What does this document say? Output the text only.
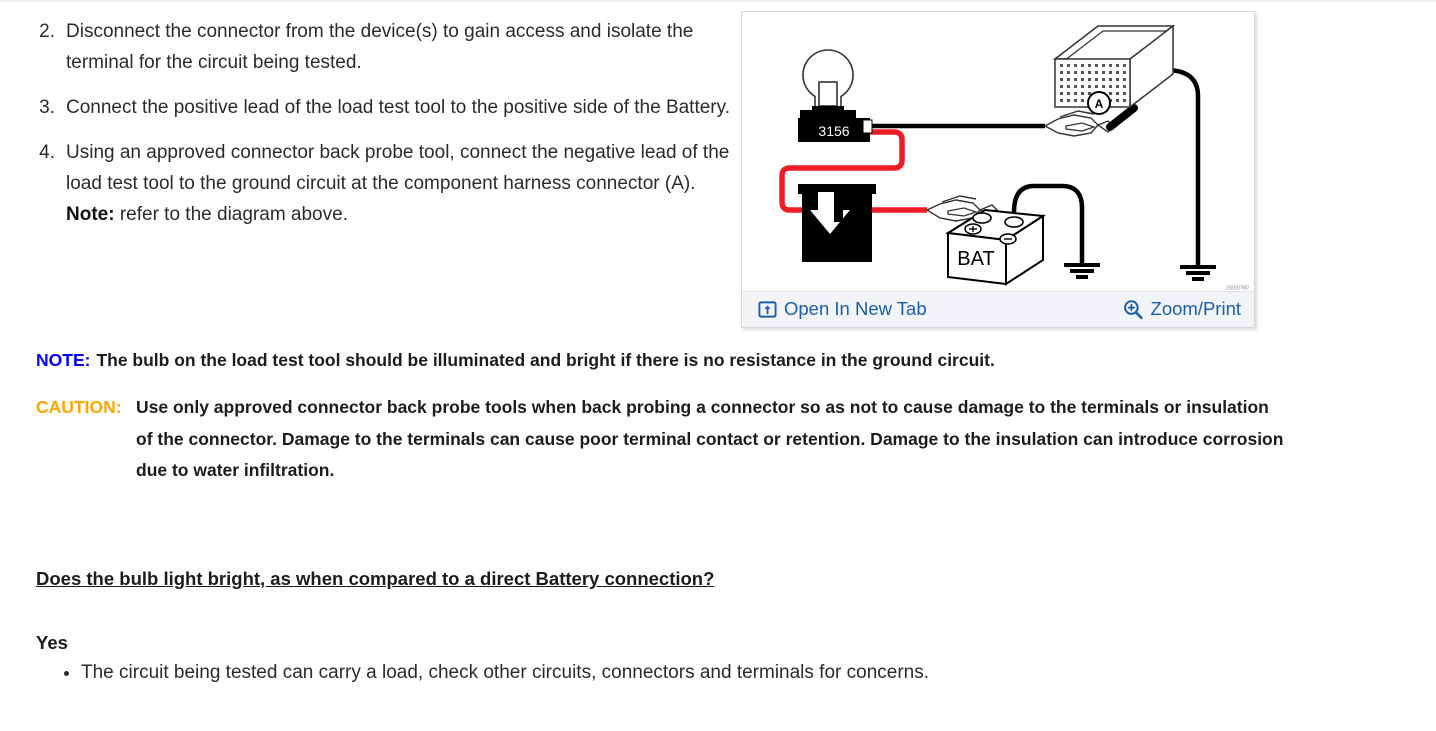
2. Disconnect the connector from the device(s) to gain access and isolate the terminal for the circuit being tested.
3. Connect the positive lead of the load test tool to the positive side of the Battery.
4. Using an approved connector back probe tool, connect the negative lead of the load test tool to the ground circuit at the component harness connector (A). Note: refer to the diagram above.
NOTE: The bulb on the load test tool should be illuminated and bright if there is no resistance in the ground circuit.
CAUTION: Use only approved connector back probe tools when back probing a connector so as not to cause damage to the terminals or insulation of the connector. Damage to the terminals can cause poor terminal contact or retention. Damage to the insulation can introduce corrosion due to water infiltration.
Does the bulb light bright, as when compared to a direct Battery connection?
Yes
• The circuit being tested can carry a load, check other circuits, connectors and terminals for concerns.
3156
A
BAT
2923007887
Open In New Tab	Zoom/Print
